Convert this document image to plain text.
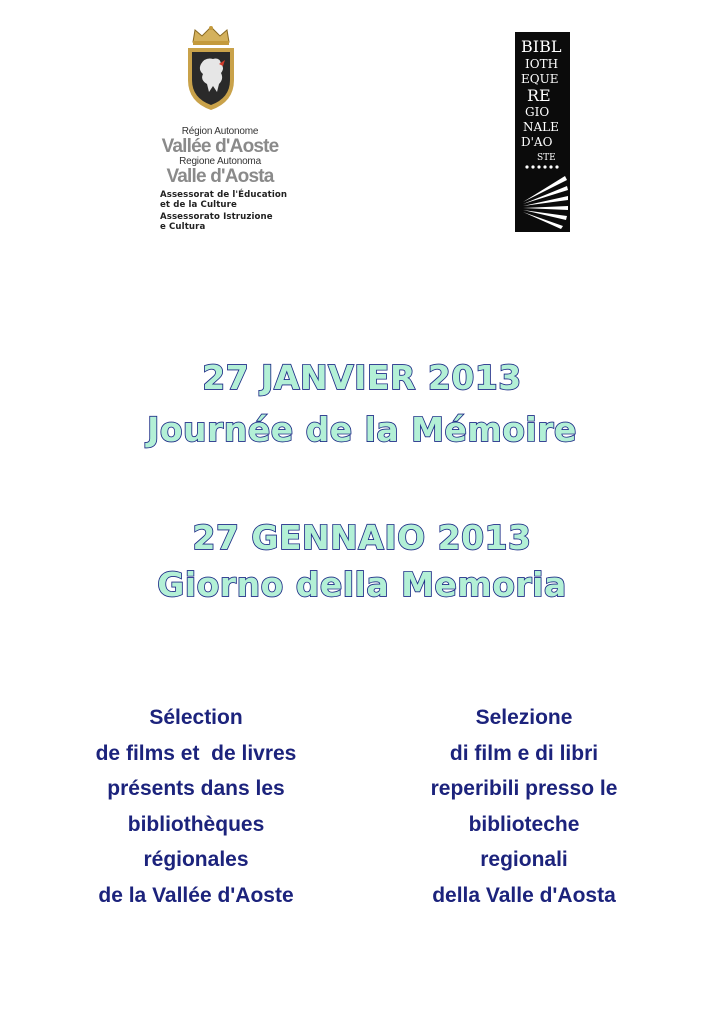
Région Autonome
Vallée d'Aoste
Regione Autonoma
Valle d'Aosta
Assessorat de l'Éducation
et de la Culture
Assessorato Istruzione
e Cultura
BIBL
IOTH
EQUE
RE
GIO
NALE
D'AO
STE
27 JANVIER 2013
Journée de la Mémoire
27 GENNAIO 2013
Giorno della Memoria
Sélection
de films et  de livres
présents dans les
bibliothèques
régionales
de la Vallée d'Aoste
Selezione
di film e di libri
reperibili presso le
biblioteche
regionali
della Valle d'Aosta
